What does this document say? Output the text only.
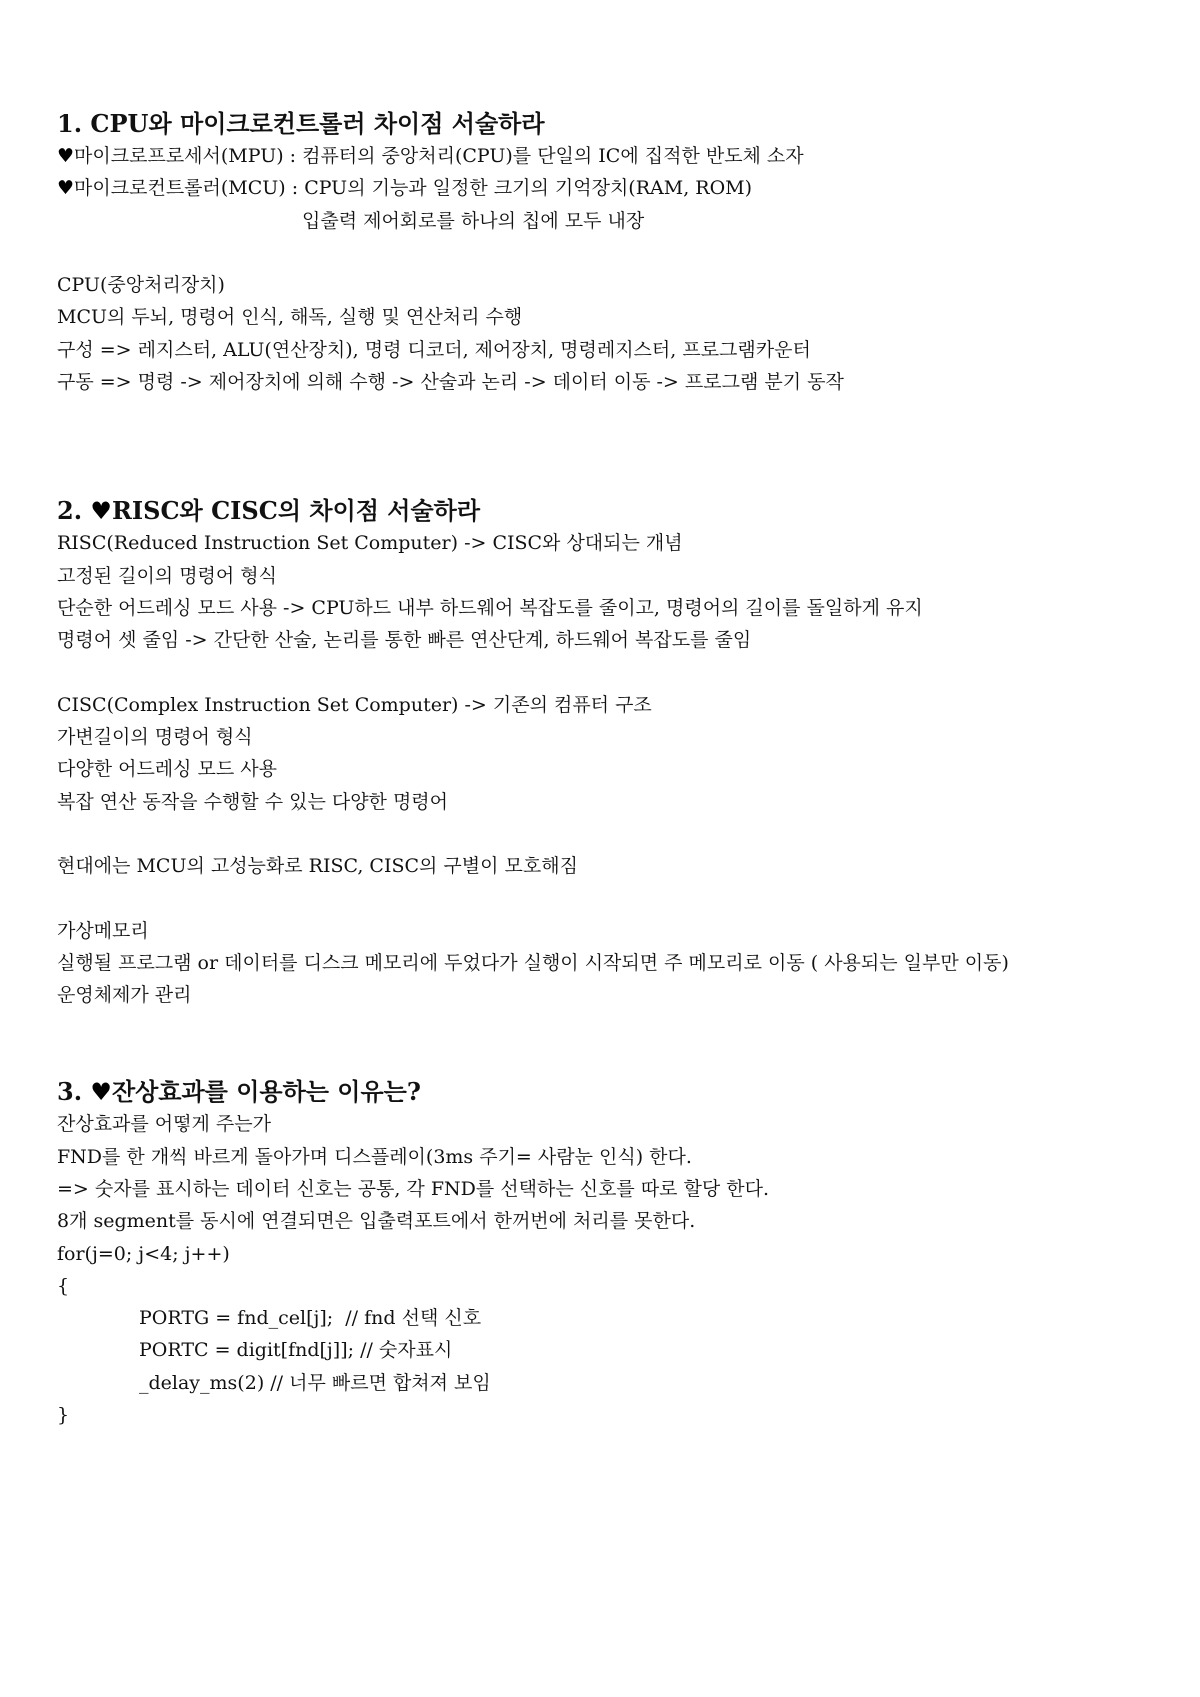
1. CPU와 마이크로컨트롤러 차이점 서술하라

♥마이크로프로세서(MPU) : 컴퓨터의 중앙처리(CPU)를 단일의 IC에 집적한 반도체 소자

♥마이크로컨트롤러(MCU) : CPU의 기능과 일정한 크기의 기억장치(RAM, ROM)

입출력 제어회로를 하나의 칩에 모두 내장

CPU(중앙처리장치)

MCU의 두뇌, 명령어 인식, 해독, 실행 및 연산처리 수행

구성 => 레지스터, ALU(연산장치), 명령 디코더, 제어장치, 명령레지스터, 프로그램카운터

구동 => 명령 -> 제어장치에 의해 수행 -> 산술과 논리 -> 데이터 이동 -> 프로그램 분기 동작

2. ♥RISC와 CISC의 차이점 서술하라

RISC(Reduced Instruction Set Computer) -> CISC와 상대되는 개념

고정된 길이의 명령어 형식

단순한 어드레싱 모드 사용 -> CPU하드 내부 하드웨어 복잡도를 줄이고, 명령어의 길이를 돌일하게 유지

명령어 셋 줄임 -> 간단한 산술, 논리를 통한 빠른 연산단계, 하드웨어 복잡도를 줄임

CISC(Complex Instruction Set Computer) -> 기존의 컴퓨터 구조

가변길이의 명령어 형식

다양한 어드레싱 모드 사용

복잡 연산 동작을 수행할 수 있는 다양한 명령어

현대에는 MCU의 고성능화로 RISC, CISC의 구별이 모호해짐

가상메모리

실행될 프로그램 or 데이터를 디스크 메모리에 두었다가 실행이 시작되면 주 메모리로 이동 ( 사용되는 일부만 이동)

운영체제가 관리

3. ♥잔상효과를 이용하는 이유는?

잔상효과를 어떻게 주는가

FND를 한 개씩 바르게 돌아가며 디스플레이(3ms 주기= 사람눈 인식) 한다.

=> 숫자를 표시하는 데이터 신호는 공통, 각 FND를 선택하는 신호를 따로 할당 한다.

8개 segment를 동시에 연결되면은 입출력포트에서 한꺼번에 처리를 못한다.

for(j=0; j<4; j++)

{

PORTG = fnd_cel[j];  // fnd 선택 신호

PORTC = digit[fnd[j]]; // 숫자표시

_delay_ms(2) // 너무 빠르면 합쳐져 보임

}
